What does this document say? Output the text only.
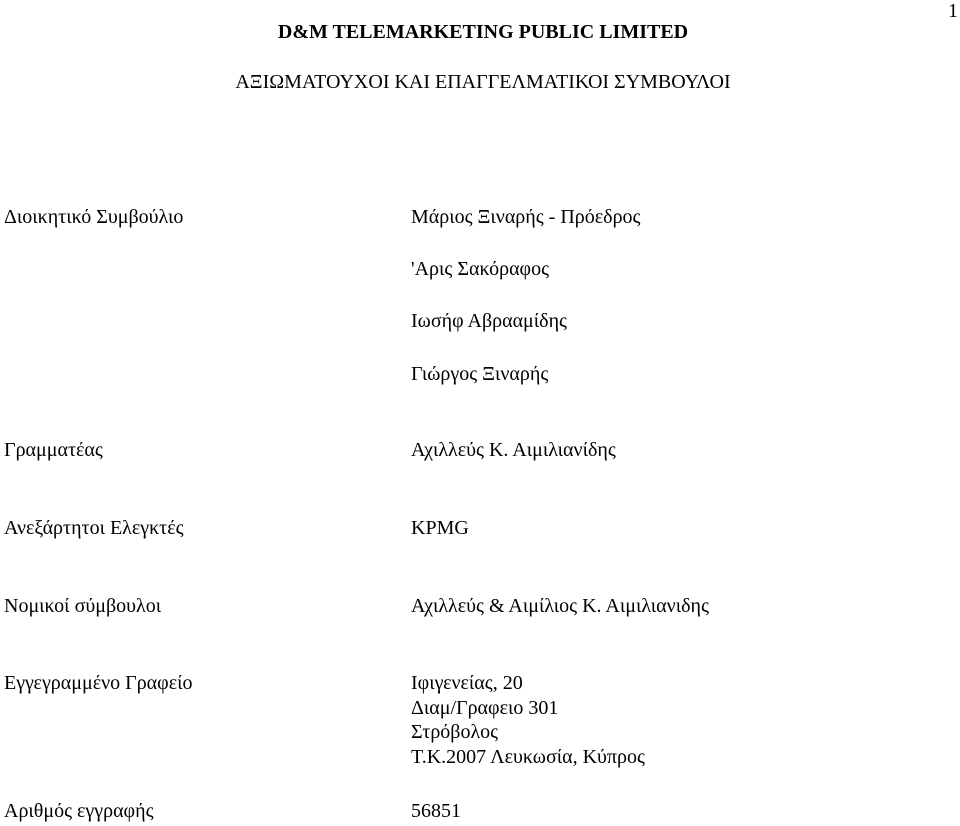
1
D&M TELEMARKETING PUBLIC LIMITED
ΑΞΙΩΜΑΤΟΥΧΟΙ ΚΑΙ ΕΠΑΓΓΕΛΜΑΤΙΚΟΙ ΣΥΜΒΟΥΛΟΙ
Διοικητικό Συμβούλιο	Μάριος Ξιναρής - Πρόεδρος
'Αρις Σακόραφος
Ιωσήφ Αβρααμίδης
Γιώργος Ξιναρής
Γραμματέας	Αχιλλεύς Κ. Αιμιλιανίδης
Ανεξάρτητοι Ελεγκτές	KPMG
Νομικοί σύμβουλοι	Αχιλλεύς & Αιμίλιος Κ. Αιμιλιανιδης
Εγγεγραμμένο Γραφείο	Ιφιγενείας, 20
Διαμ/Γραφειο 301
Στρόβολος
Τ.Κ.2007 Λευκωσία, Κύπρος
Αριθμός εγγραφής	56851
